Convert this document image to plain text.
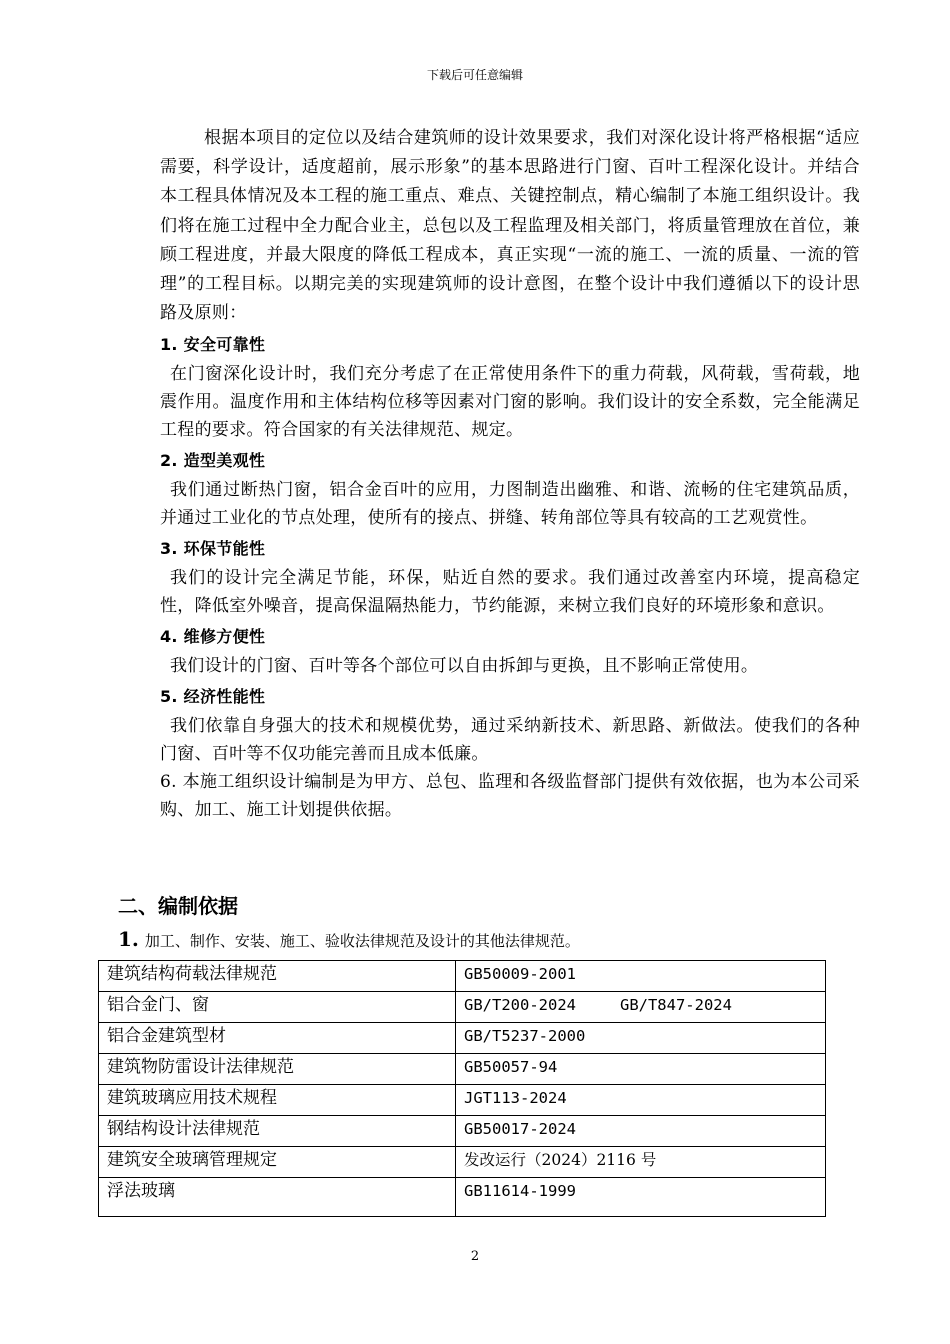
下载后可任意编辑

根据本项目的定位以及结合建筑师的设计效果要求，我们对深化设计将严格根据“适应需要，科学设计，适度超前，展示形象”的基本思路进行门窗、百叶工程深化设计。并结合本工程具体情况及本工程的施工重点、难点、关键控制点，精心编制了本施工组织设计。我们将在施工过程中全力配合业主，总包以及工程监理及相关部门，将质量管理放在首位，兼顾工程进度，并最大限度的降低工程成本，真正实现“一流的施工、一流的质量、一流的管理”的工程目标。以期完美的实现建筑师的设计意图，在整个设计中我们遵循以下的设计思路及原则：

1. 安全可靠性

在门窗深化设计时，我们充分考虑了在正常使用条件下的重力荷载，风荷载，雪荷载，地震作用。温度作用和主体结构位移等因素对门窗的影响。我们设计的安全系数，完全能满足工程的要求。符合国家的有关法律规范、规定。

2. 造型美观性

我们通过断热门窗，铝合金百叶的应用，力图制造出幽雅、和谐、流畅的住宅建筑品质，并通过工业化的节点处理，使所有的接点、拼缝、转角部位等具有较高的工艺观赏性。

3. 环保节能性

我们的设计完全满足节能，环保，贴近自然的要求。我们通过改善室内环境，提高稳定性，降低室外噪音，提高保温隔热能力，节约能源，来树立我们良好的环境形象和意识。

4. 维修方便性

我们设计的门窗、百叶等各个部位可以自由拆卸与更换，且不影响正常使用。

5. 经济性能性

我们依靠自身强大的技术和规模优势，通过采纳新技术、新思路、新做法。使我们的各种门窗、百叶等不仅功能完善而且成本低廉。

6. 本施工组织设计编制是为甲方、总包、监理和各级监督部门提供有效依据，也为本公司采购、加工、施工计划提供依据。

二、编制依据
1. 加工、制作、安装、施工、验收法律规范及设计的其他法律规范。
建筑结构荷载法律规范	GB50009-2001
铝合金门、窗	GB/T200-2024 GB/T847-2024
铝合金建筑型材	GB/T5237-2000
建筑物防雷设计法律规范	GB50057-94
建筑玻璃应用技术规程	JGT113-2024
钢结构设计法律规范	GB50017-2024
建筑安全玻璃管理规定	发改运行（2024）2116 号
浮法玻璃	GB11614-1999
2
